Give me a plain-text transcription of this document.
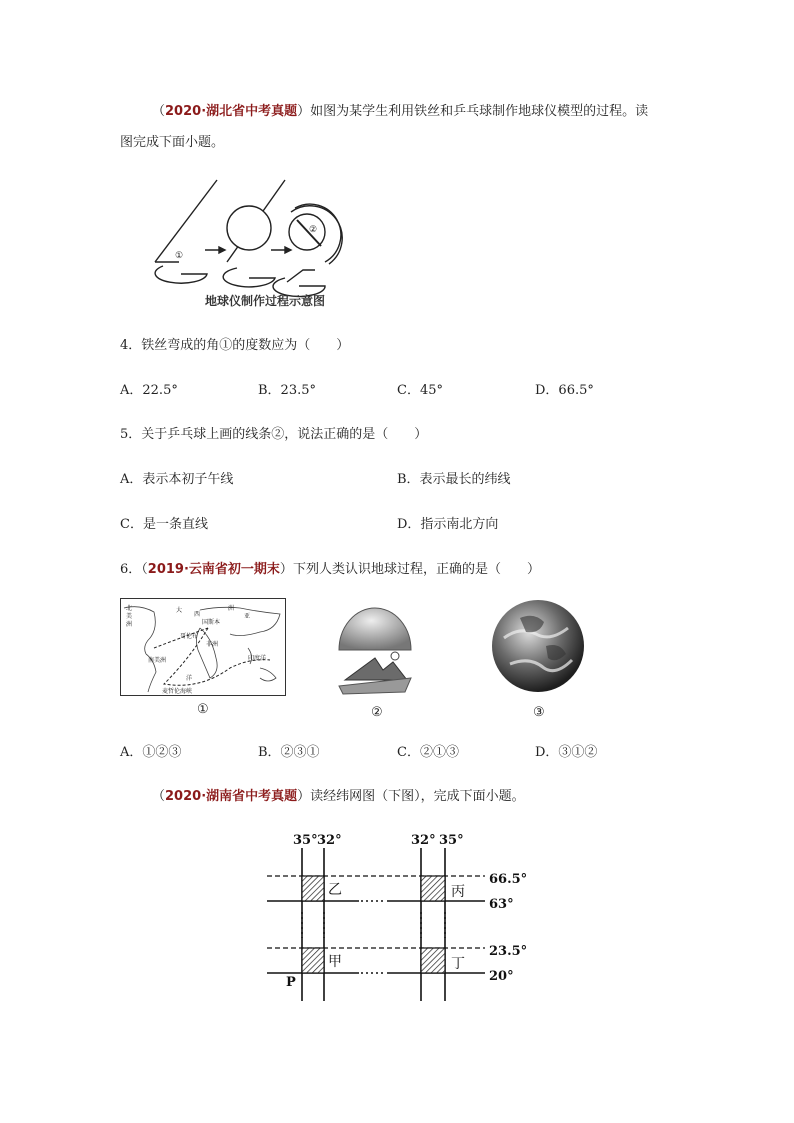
（2020·湖北省中考真题）如图为某学生利用铁丝和乒乓球制作地球仪模型的过程。读
图完成下面小题。
①
②
地球仪制作过程示意图
4．铁丝弯成的角①的度数应为（　　）
A．22.5°	B．23.5°	C．45°	D．66.5°
5．关于乒乓球上画的线条②，说法正确的是（　　）
A．表示本初子午线	B．表示最长的纬线
C．是一条直线	D．指示南北方向
6．（2019·云南省初一期末）下列人类认识地球过程，正确的是（　　）
北
美
洲
大
国斯本
南美洲
西
洲
亚
非洲
印度洋
洋
麦哲伦海峡
哥伦布
①	②	③
A．①②③	B．②③①	C．②①③	D．③①②
（2020·湖南省中考真题）读经纬网图（下图），完成下面小题。
35° 32°	32° 35°
66.5°
63°
23.5°
20°
P
乙	丙
甲	丁
